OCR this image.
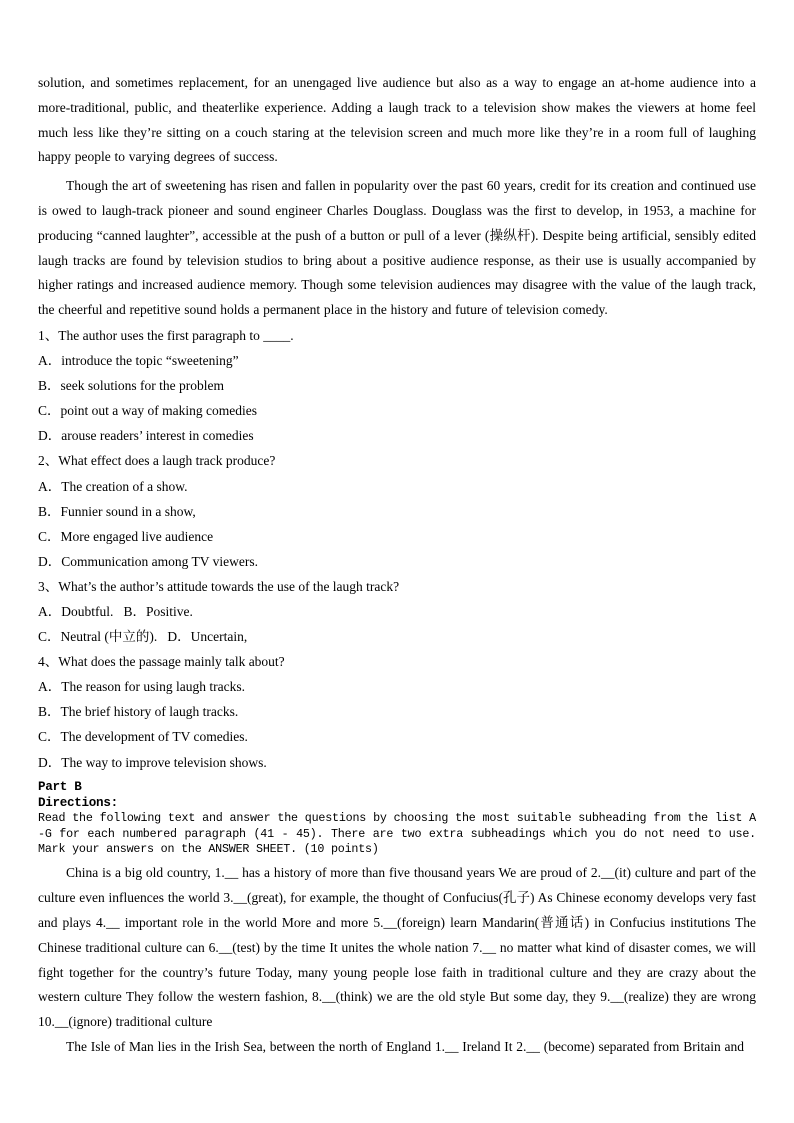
solution, and sometimes replacement, for an unengaged live audience but also as a way to engage an at-home audience into a more-traditional, public, and theaterlike experience. Adding a laugh track to a television show makes the viewers at home feel much less like they’re sitting on a couch staring at the television screen and much more like they’re in a room full of laughing happy people to varying degrees of success.

Though the art of sweetening has risen and fallen in popularity over the past 60 years, credit for its creation and continued use is owed to laugh-track pioneer and sound engineer Charles Douglass. Douglass was the first to develop, in 1953, a machine for producing “canned laughter”, accessible at the push of a button or pull of a lever (操纵杆). Despite being artificial, sensibly edited laugh tracks are found by television studios to bring about a positive audience response, as their use is usually accompanied by higher ratings and increased audience memory. Though some television audiences may disagree with the value of the laugh track, the cheerful and repetitive sound holds a permanent place in the history and future of television comedy.

1、The author uses the first paragraph to ____.
A．introduce the topic “sweetening”
B．seek solutions for the problem
C．point out a way of making comedies
D．arouse readers’ interest in comedies
2、What effect does a laugh track produce?
A．The creation of a show.
B．Funnier sound in a show,
C．More engaged live audience
D．Communication among TV viewers.
3、What’s the author’s attitude towards the use of the laugh track?
A．Doubtful.   B．Positive.
C．Neutral (中立的).   D．Uncertain,
4、What does the passage mainly talk about?
A．The reason for using laugh tracks.
B．The brief history of laugh tracks.
C．The development of TV comedies.
D．The way to improve television shows.
Part B
Directions:

Read the following text and answer the questions by choosing the most suitable subheading from the list A -G for each numbered paragraph (41 - 45). There are two extra subheadings which you do not need to use. Mark your answers on the ANSWER SHEET. (10 points)

China is a big old country, 1.__ has a history of more than five thousand years We are proud of 2.__(it) culture and part of the culture even influences the world 3.__(great), for example, the thought of Confucius(孔子) As Chinese economy develops very fast and plays 4.__ important role in the world More and more 5.__(foreign) learn Mandarin(普通话) in Confucius institutions The Chinese traditional culture can 6.__(test) by the time It unites the whole nation 7.__ no matter what kind of disaster comes, we will fight together for the country’s future Today, many young people lose faith in traditional culture and they are crazy about the western culture They follow the western fashion, 8.__(think) we are the old style But some day, they 9.__(realize) they are wrong 10.__(ignore) traditional culture

The Isle of Man lies in the Irish Sea, between the north of England 1.__ Ireland It 2.__ (become) separated from Britain and
